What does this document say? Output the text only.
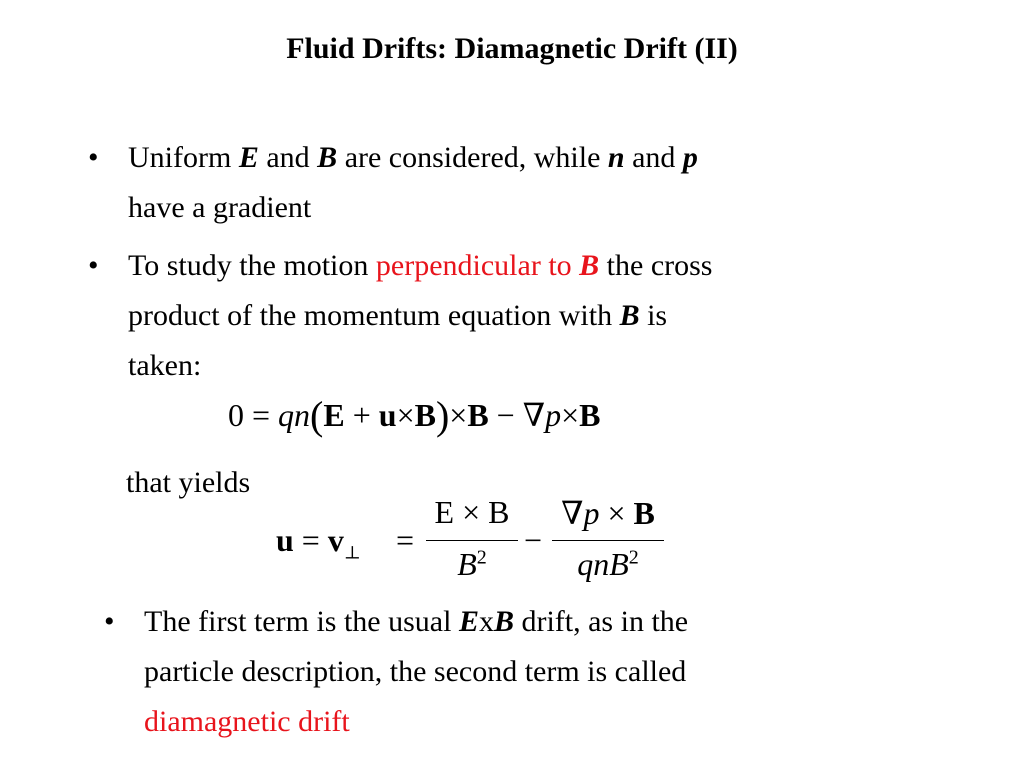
Fluid Drifts: Diamagnetic Drift (II)
• Uniform E and B are considered, while n and p
have a gradient
• To study the motion perpendicular to B the cross
product of the momentum equation with B is
taken:
0 = qn(E + u×B)×B − ∇p×B
that yields
$u = v_\perp$ =
E × B
$B^2$	−
∇p × B
qnB$^2$
• The first term is the usual ExB drift, as in the
particle description, the second term is called
diamagnetic drift
